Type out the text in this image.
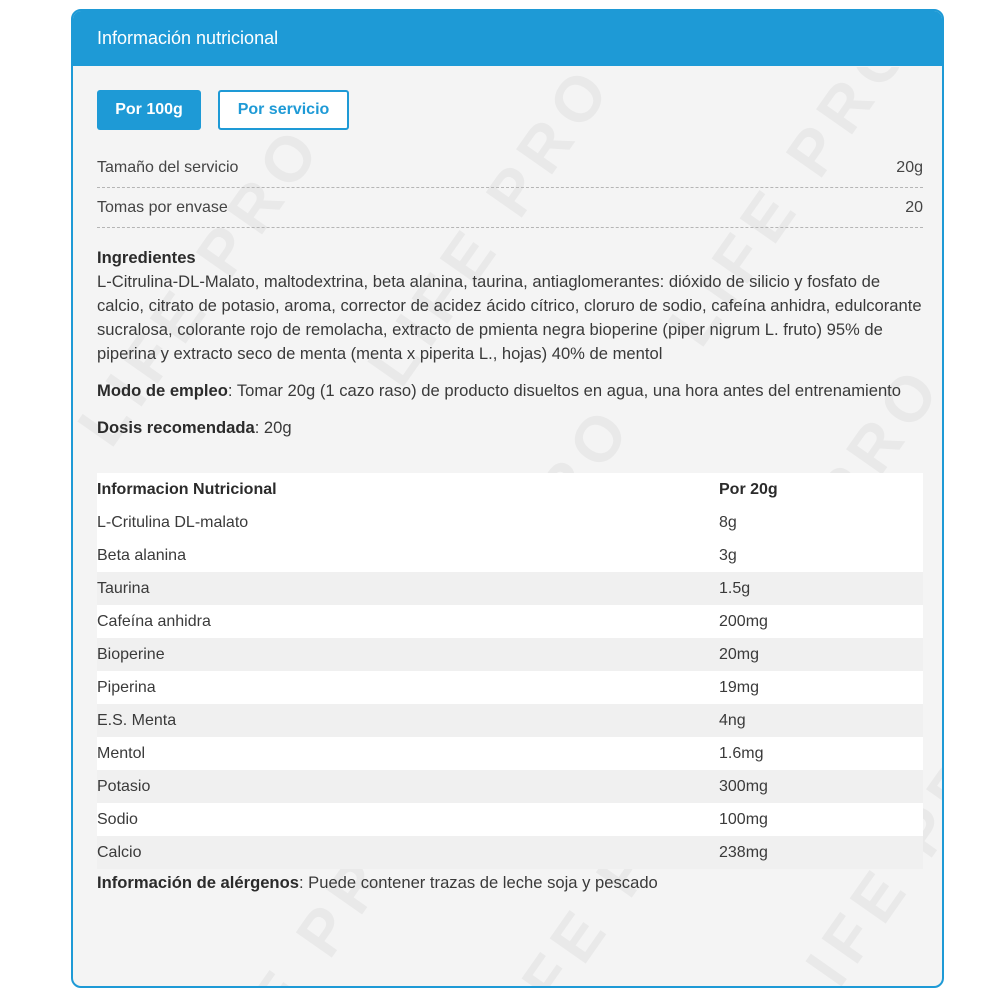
Información nutricional
Por 100g	Por servicio
Tamaño del servicio	20g
Tomas por envase	20
Ingredientes
L-Citrulina-DL-Malato, maltodextrina, beta alanina, taurina, antiaglomerantes: dióxido de silicio y fosfato de calcio, citrato de potasio, aroma, corrector de acidez ácido cítrico, cloruro de sodio, cafeína anhidra, edulcorante sucralosa, colorante rojo de remolacha, extracto de pmienta negra bioperine (piper nigrum L. fruto) 95% de piperina y extracto seco de menta (menta x piperita L., hojas) 40% de mentol
Modo de empleo: Tomar 20g (1 cazo raso) de producto disueltos en agua, una hora antes del entrenamiento
Dosis recomendada: 20g
Informacion Nutricional	Por 20g
L-Critulina DL-malato	8g
Beta alanina	3g
Taurina	1.5g
Cafeína anhidra	200mg
Bioperine	20mg
Piperina	19mg
E.S. Menta	4ng
Mentol	1.6mg
Potasio	300mg
Sodio	100mg
Calcio	238mg
Información de alérgenos: Puede contener trazas de leche soja y pescado
